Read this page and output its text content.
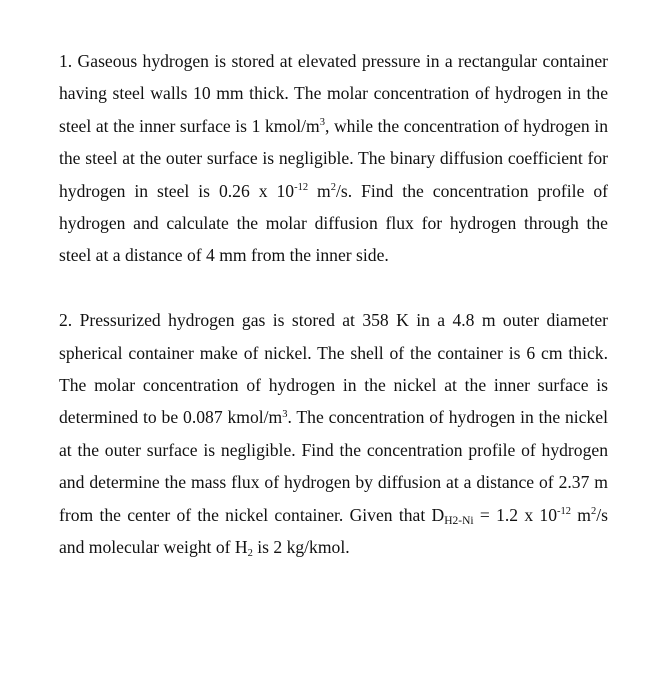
1. Gaseous hydrogen is stored at elevated pressure in a rectangular container having steel walls 10 mm thick. The molar concentration of hydrogen in the steel at the inner surface is 1 kmol/$m^3$, while the concentration of hydrogen in the steel at the outer surface is negligible. The binary diffusion coefficient for hydrogen in steel is 0.26 x $10^{-12}$ $m^2/s$. Find the concentration profile of hydrogen and calculate the molar diffusion flux for hydrogen through the steel at a distance of 4 mm from the inner side.

2. Pressurized hydrogen gas is stored at 358 K in a 4.8 m outer diameter spherical container make of nickel. The shell of the container is 6 cm thick. The molar concentration of hydrogen in the nickel at the inner surface is determined to be 0.087 kmol/$m^3$. The concentration of hydrogen in the nickel at the outer surface is negligible. Find the concentration profile of hydrogen and determine the mass flux of hydrogen by diffusion at a distance of 2.37 m from the center of the nickel container. Given that $D_{H2-Ni} = 1.2$ x $10^{-12}$ $m^2/s$ and molecular weight of $H_2$ is 2 kg/kmol.
